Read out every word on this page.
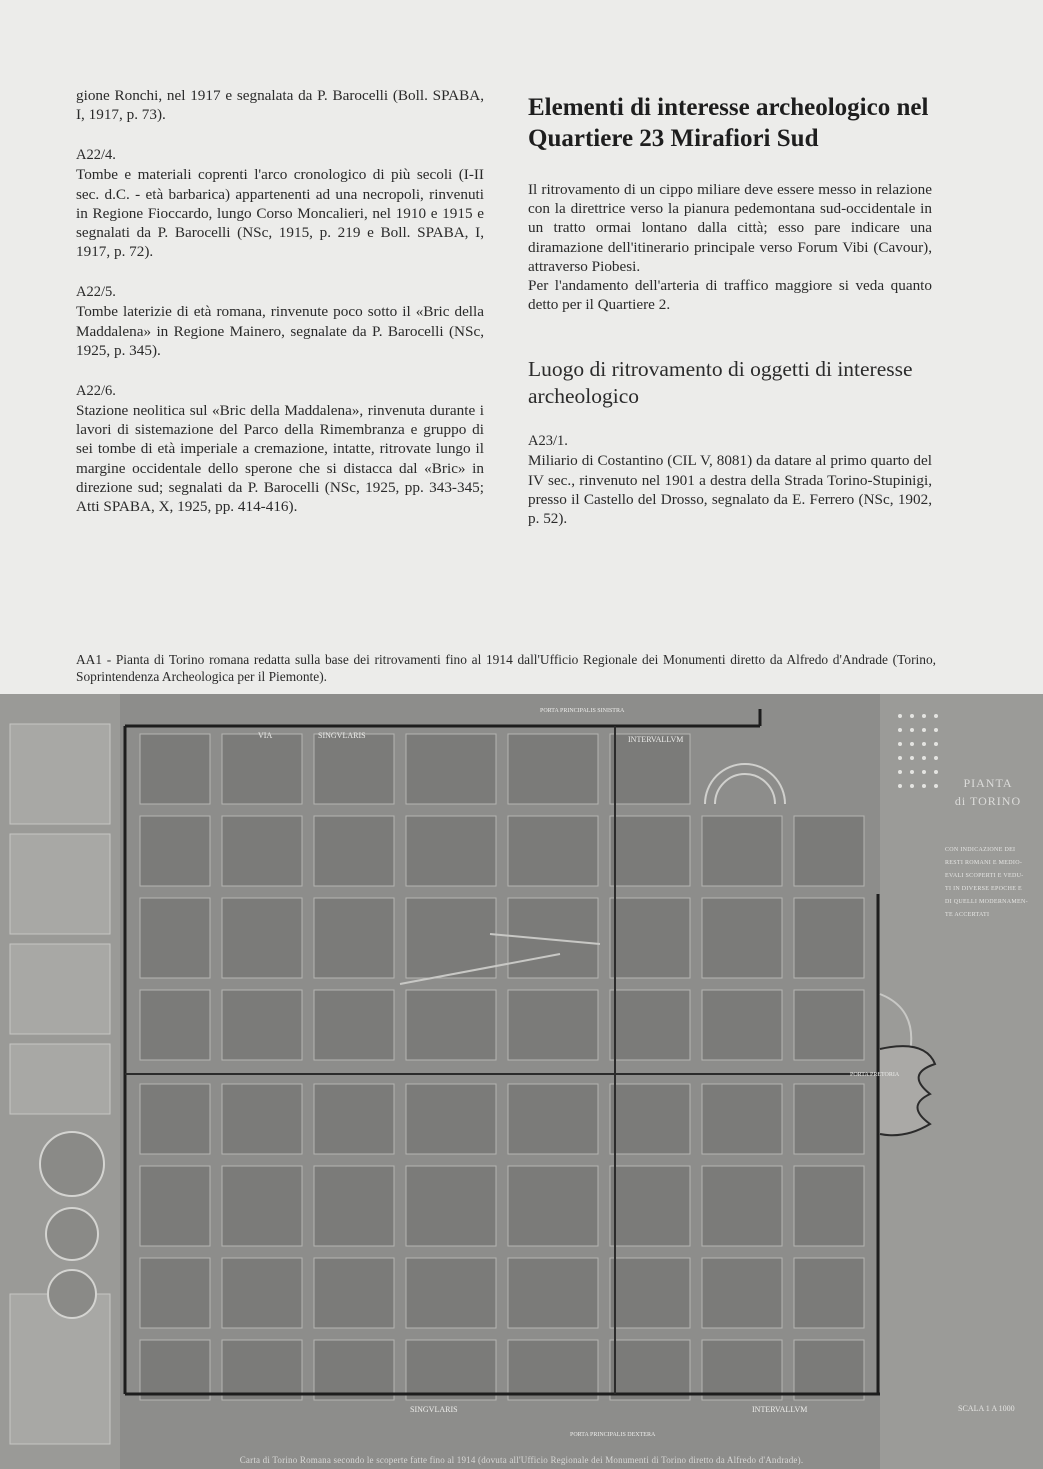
gione Ronchi, nel 1917 e segnalata da P. Barocelli (Boll. SPABA, I, 1917, p. 73).

A22/4.

Tombe e materiali coprenti l'arco cronologico di più secoli (I-II sec. d.C. - età barbarica) appartenenti ad una necropoli, rinvenuti in Regione Fioccardo, lungo Corso Moncalieri, nel 1910 e 1915 e segnalati da P. Barocelli (NSc, 1915, p. 219 e Boll. SPABA, I, 1917, p. 72).

A22/5.

Tombe laterizie di età romana, rinvenute poco sotto il «Bric della Maddalena» in Regione Mainero, segnalate da P. Barocelli (NSc, 1925, p. 345).

A22/6.

Stazione neolitica sul «Bric della Maddalena», rinvenuta durante i lavori di sistemazione del Parco della Rimembranza e gruppo di sei tombe di età imperiale a cremazione, intatte, ritrovate lungo il margine occidentale dello sperone che si distacca dal «Bric» in direzione sud; segnalati da P. Barocelli (NSc, 1925, pp. 343-345; Atti SPABA, X, 1925, pp. 414-416).

Elementi di interesse archeologico nel Quartiere 23 Mirafiori Sud

Il ritrovamento di un cippo miliare deve essere messo in relazione con la direttrice verso la pianura pedemontana sud-occidentale in un tratto ormai lontano dalla città; esso pare indicare una diramazione dell'itinerario principale verso Forum Vibi (Cavour), attraverso Piobesi.

Per l'andamento dell'arteria di traffico maggiore si veda quanto detto per il Quartiere 2.

Luogo di ritrovamento di oggetti di interesse archeologico

A23/1.

Miliario di Costantino (CIL V, 8081) da datare al primo quarto del IV sec., rinvenuto nel 1901 a destra della Strada Torino-Stupinigi, presso il Castello del Drosso, segnalato da E. Ferrero (NSc, 1902, p. 52).

AA1 - Pianta di Torino romana redatta sulla base dei ritrovamenti fino al 1914 dall'Ufficio Regionale dei Monumenti diretto da Alfredo d'Andrade (Torino, Soprintendenza Archeologica per il Piemonte).

VIA	SINGVLARIS	INTERVALLVM
PORTA PRINCIPALIS SINISTRA
PORTA PRINCIPALIS DEXTERA
PORTA PRETORIA
SINGVLARIS	INTERVALLVM
PIANTA
di TORINO
CON INDICAZIONE DEI
RESTI ROMANI E MEDIO-
EVALI SCOPERTI E VEDU-
TI IN DIVERSE EPOCHE E
DI QUELLI MODERNAMEN-
TE ACCERTATI
SCALA 1 A 1000
Carta di Torino Romana secondo le scoperte fatte fino al 1914 (dovuta all'Ufficio Regionale dei Monumenti di Torino diretto da Alfredo d'Andrade).
